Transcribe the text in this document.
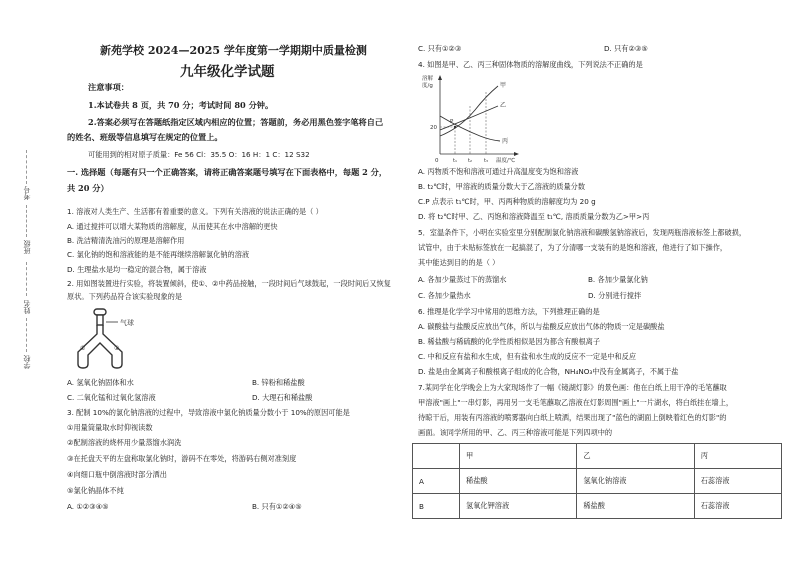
考号
班级
姓名
学校
新苑学校 2024—2025 学年度第一学期期中质量检测
九年级化学试题
注意事项：
1.本试卷共 8 页，共 70 分；考试时间 80 分钟。
2.答案必须写在答题纸指定区域内相应的位置；答题前，务必用黑色签字笔将自己
的姓名、班级等信息填写在规定的位置上。
可能用到的相对原子质量：Fe 56 Cl：35.5 O：16 H：1 C：12 S32
一. 选择题（每题有只一个正确答案，请将正确答案题号填写在下面表格中，每题 2 分，
共 20 分）
1. 溶液对人类生产、生活都有着重要的意义。下列有关溶液的说法正确的是（ ）
A. 通过搅拌可以增大某物质的溶解度，从而使其在水中溶解的更快
B. 洗洁精清洗油污的原理是溶解作用
C. 氯化钠的饱和溶液能的是不能再继续溶解氯化钠的溶液
D. 生理盐水是均一稳定的混合物，属于溶液
2. 用如图装置进行实验，将装置倾斜，使①、②中药品接触，一段时间后气球鼓起，一段时间后又恢复
原状。下列药品符合该实验现象的是
气球
①	②
A. 氢氧化钠固体和水	B. 锌粉和稀盐酸
C. 二氧化锰和过氧化氢溶液	D. 大理石和稀盐酸
3. 配制 10%的氯化钠溶液的过程中，导致溶液中氯化钠质量分数小于 10%的原因可能是
①用量筒量取水时仰视读数
②配制溶液的烧杯用少量蒸馏水润洗
③在托盘天平的左盘称取氯化钠时，游码不在零处，将游码右侧对准刻度
④向细口瓶中倒溶液时部分洒出
⑤氯化钠晶体不纯
A. ①②③④⑤	B. 只有①②④⑤
C. 只有①②③	D. 只有②③⑤
4. 如图是甲、乙、丙三种固体物质的溶解度曲线，下列说法不正确的是
溶解
度/g
温度/℃
0
20
t₁ t₂ t₃
P
甲
乙
丙
A. 丙物质不饱和溶液可通过升高温度变为饱和溶液
B. t₂℃时，甲溶液的质量分数大于乙溶液的质量分数
C.P 点表示 t₁℃时，甲、丙两种物质的溶解度均为 20 g
D. 将 t₂℃时甲、乙、丙饱和溶液降温至 t₁℃, 溶质质量分数为乙>甲>丙
5．室温条件下，小明在实验室里分别配制氯化钠溶液和碳酸氢钠溶液后，发现两瓶溶液标签上都破损，
试管中，由于未贴标签放在一起搞混了，为了分清哪一支装有的是饱和溶液，他进行了如下操作，
其中能达到目的的是（ ）
A. 各加少量蒸过下的蒸馏水	B. 各加少量氯化钠
C. 各加少量热水	D. 分别进行搅拌
6. 推理是化学学习中常用的思维方法，下列推理正确的是
A. 碳酸盐与盐酸反应放出气体，所以与盐酸反应放出气体的物质一定是碳酸盐
B. 稀盐酸与稀硫酸的化学性质相似是因为都含有酸根离子
C. 中和反应有盐和水生成，但有盐和水生成的反应不一定是中和反应
D. 盐是由金属离子和酸根离子组成的化合物，NH₄NO₃中没有金属离子，不属于盐
7.某同学在化学晚会上为大家现场作了一幅《镜湖灯影》的景色画：他在白纸上用干净的毛笔蘸取
甲溶液"画上"一串灯影，再用另一支毛笔蘸取乙溶液在灯影周围"画上"一片湖水，将白纸挂在墙上，
待晾干后，用装有丙溶液的喷雾器向白纸上喷洒，结果出现了"蓝色的湖面上倒映着红色的灯影"的
画面。该同学所用的甲、乙、丙三种溶液可能是下列四项中的
	甲	乙	丙
A	稀盐酸	氢氧化钠溶液	石蕊溶液
B	氢氧化钾溶液	稀盐酸	石蕊溶液
